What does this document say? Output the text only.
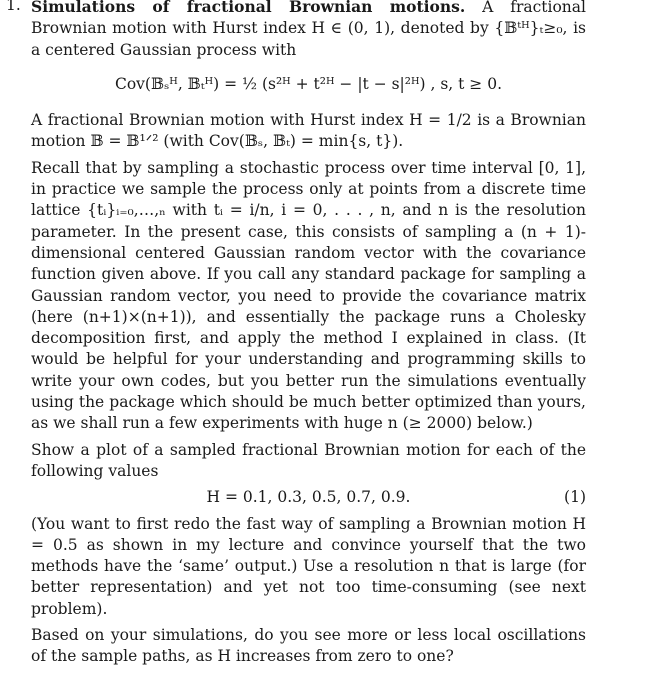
1. Simulations of fractional Brownian motions. A fractional Brownian motion with Hurst index H ∈ (0, 1), denoted by {𝔹ᵗᴴ}ₜ≥₀, is a centered Gaussian process with

Cov(𝔹ₛᴴ, 𝔹ₜᴴ) = ½ (s²ᴴ + t²ᴴ − |t − s|²ᴴ) , s, t ≥ 0.

A fractional Brownian motion with Hurst index H = 1/2 is a Brownian motion 𝔹 = 𝔹¹ᐟ² (with Cov(𝔹ₛ, 𝔹ₜ) = min{s, t}).

Recall that by sampling a stochastic process over time interval [0, 1], in practice we sample the process only at points from a discrete time lattice {tᵢ}ᵢ₌₀,…,ₙ with tᵢ = i/n, i = 0, . . . , n, and n is the resolution parameter. In the present case, this consists of sampling a (n + 1)-dimensional centered Gaussian random vector with the covariance function given above. If you call any standard package for sampling a Gaussian random vector, you need to provide the covariance matrix (here (n+1)×(n+1)), and essentially the package runs a Cholesky decomposition first, and apply the method I explained in class. (It would be helpful for your understanding and programming skills to write your own codes, but you better run the simulations eventually using the package which should be much better optimized than yours, as we shall run a few experiments with huge n (≥ 2000) below.)

Show a plot of a sampled fractional Brownian motion for each of the following values

H = 0.1, 0.3, 0.5, 0.7, 0.9.	(1)

(You want to first redo the fast way of sampling a Brownian motion H = 0.5 as shown in my lecture and convince yourself that the two methods have the ‘same’ output.) Use a resolution n that is large (for better representation) and yet not too time-consuming (see next problem).

Based on your simulations, do you see more or less local oscillations of the sample paths, as H increases from zero to one?
